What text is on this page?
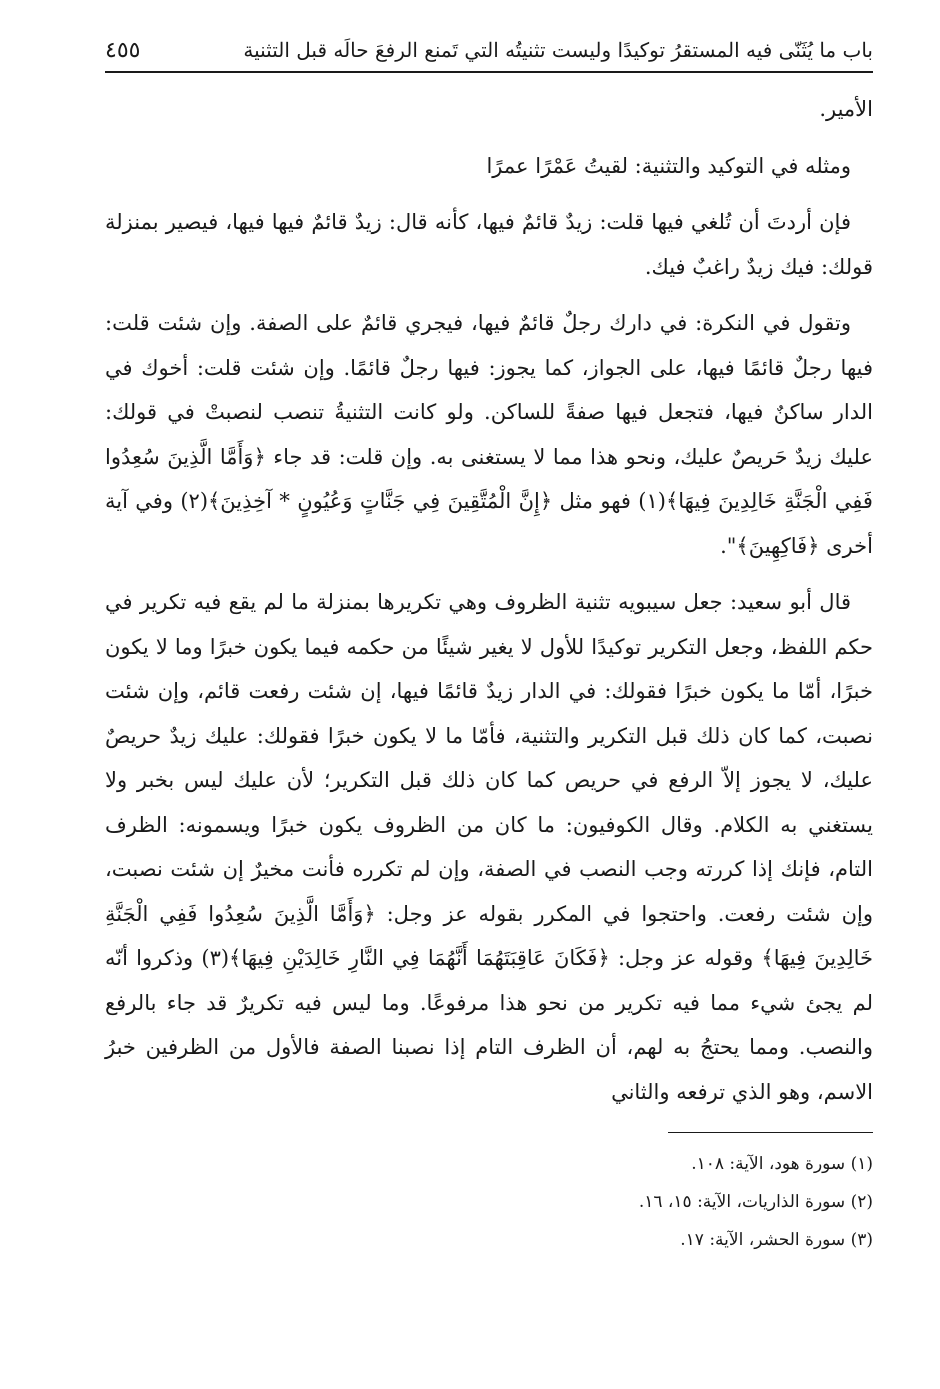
باب ما يُثَنّى فيه المستقرُ توكيدًا وليست تثنيتُه التي تَمنع الرفعَ حالَه قبل التثنية
٤٥٥

الأمير.

ومثله في التوكيد والتثنية: لقيتُ عَمْرًا عمرًا

فإن أردتَ أن تُلغي فيها قلت: زيدٌ قائمٌ فيها، كأنه قال: زيدٌ قائمٌ فيها فيها، فيصير بمنزلة قولك: فيك زيدٌ راغبٌ فيك.

وتقول في النكرة: في دارك رجلٌ قائمٌ فيها، فيجري قائمٌ على الصفة. وإن شئت قلت: فيها رجلٌ قائمًا فيها، على الجواز، كما يجوز: فيها رجلٌ قائمًا. وإن شئت قلت: أخوك في الدار ساكنٌ فيها، فتجعل فيها صفةً للساكن. ولو كانت التثنيةُ تنصب لنصبتْ في قولك: عليك زيدٌ حَريصٌ عليك، ونحو هذا مما لا يستغنى به. وإن قلت: قد جاء ﴿وَأَمَّا الَّذِينَ سُعِدُوا فَفِي الْجَنَّةِ خَالِدِينَ فِيهَا﴾(١) فهو مثل ﴿إِنَّ الْمُتَّقِينَ فِي جَنَّاتٍ وَعُيُونٍ * آخِذِينَ﴾(٢) وفي آية أخرى ﴿فَاكِهِينَ﴾".

قال أبو سعيد: جعل سيبويه تثنية الظروف وهي تكريرها بمنزلة ما لم يقع فيه تكرير في حكم اللفظ، وجعل التكرير توكيدًا للأول لا يغير شيئًا من حكمه فيما يكون خبرًا وما لا يكون خبرًا، أمّا ما يكون خبرًا فقولك: في الدار زيدٌ قائمًا فيها، إن شئت رفعت قائم، وإن شئت نصبت، كما كان ذلك قبل التكرير والتثنية، فأمّا ما لا يكون خبرًا فقولك: عليك زيدٌ حريصٌ عليك، لا يجوز إلاّ الرفع في حريص كما كان ذلك قبل التكرير؛ لأن عليك ليس بخبر ولا يستغني به الكلام. وقال الكوفيون: ما كان من الظروف يكون خبرًا ويسمونه: الظرف التام، فإنك إذا كررته وجب النصب في الصفة، وإن لم تكرره فأنت مخيرٌ إن شئت نصبت، وإن شئت رفعت. واحتجوا في المكرر بقوله عز وجل: ﴿وَأَمَّا الَّذِينَ سُعِدُوا فَفِي الْجَنَّةِ خَالِدِينَ فِيهَا﴾ وقوله عز وجل: ﴿فَكَانَ عَاقِبَتَهُمَا أَنَّهُمَا فِي النَّارِ خَالِدَيْنِ فِيهَا﴾(٣) وذكروا أنّه لم يجئ شيء مما فيه تكرير من نحو هذا مرفوعًا. وما ليس فيه تكريرٌ قد جاء بالرفع والنصب. ومما يحتجُ به لهم، أن الظرف التام إذا نصبنا الصفة فالأول من الظرفين خبرُ الاسم، وهو الذي ترفعه والثاني

(١) سورة هود، الآية: ١٠٨.
(٢) سورة الذاريات، الآية: ١٥، ١٦.
(٣) سورة الحشر، الآية: ١٧.
